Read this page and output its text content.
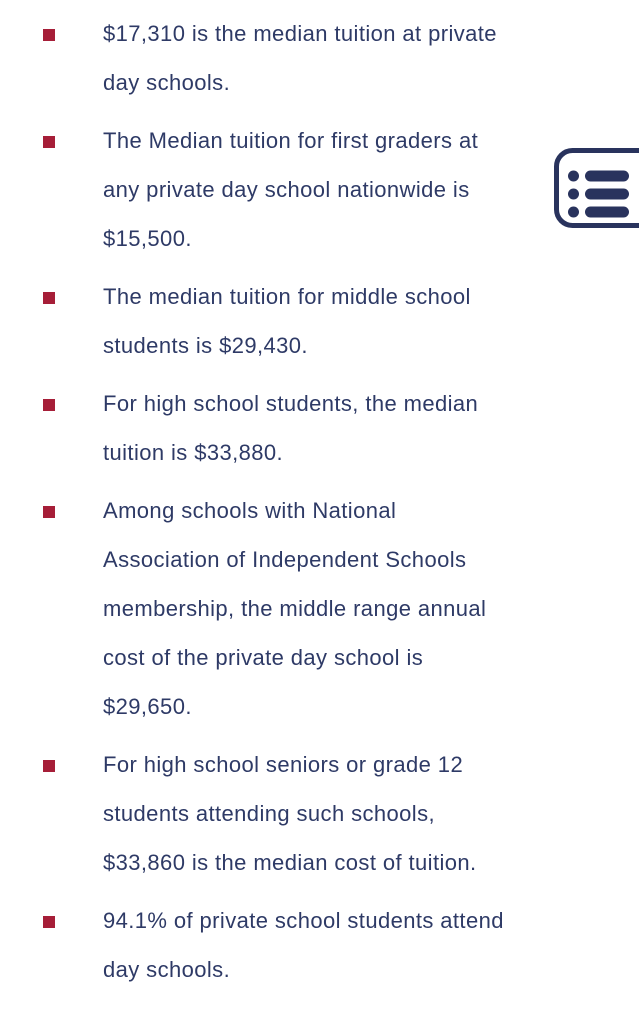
$17,310 is the median tuition at private
day schools.
The Median tuition for first graders at
any private day school nationwide is
$15,500.
The median tuition for middle school
students is $29,430.
For high school students, the median
tuition is $33,880.
Among schools with National
Association of Independent Schools
membership, the middle range annual
cost of the private day school is
$29,650.
For high school seniors or grade 12
students attending such schools,
$33,860 is the median cost of tuition.
94.1% of private school students attend
day schools.
